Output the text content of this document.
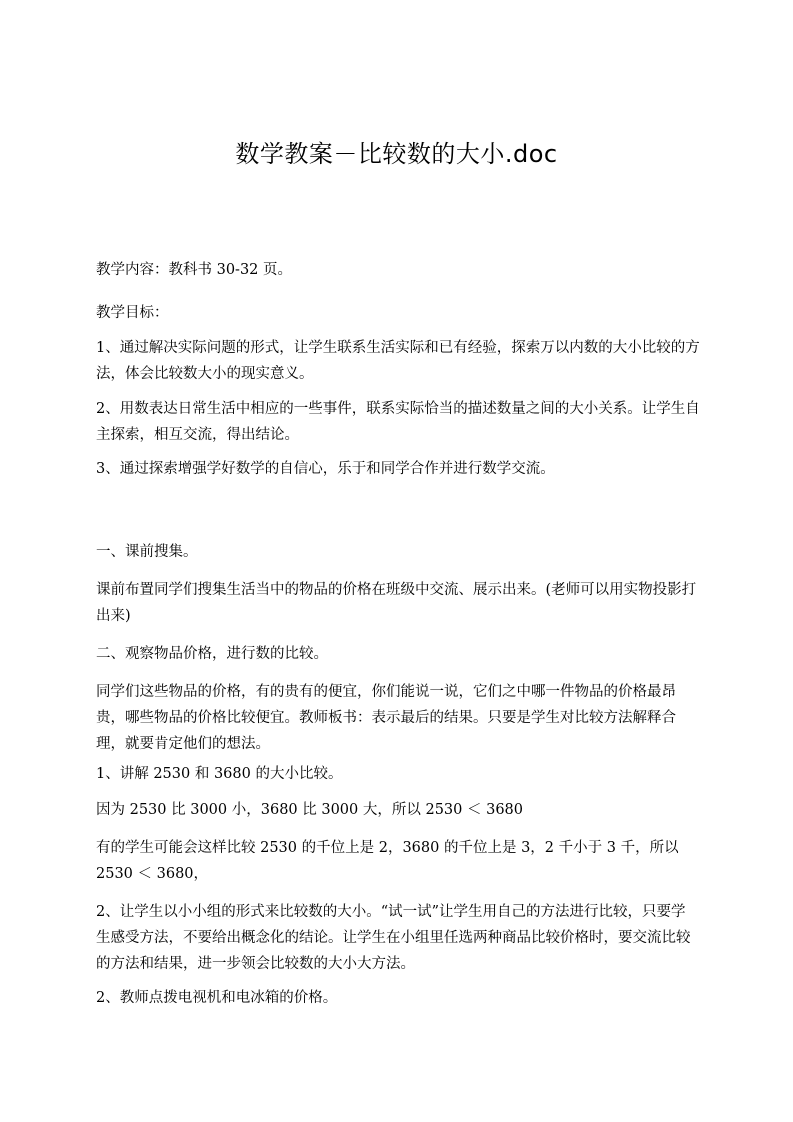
数学教案－比较数的大小.doc

教学内容：教科书 30-32 页。

教学目标：

1、通过解决实际问题的形式，让学生联系生活实际和已有经验，探索万以内数的大小比较的方法，体会比较数大小的现实意义。

2、用数表达日常生活中相应的一些事件，联系实际恰当的描述数量之间的大小关系。让学生自主探索，相互交流，得出结论。

3、通过探索增强学好数学的自信心，乐于和同学合作并进行数学交流。

一、课前搜集。

课前布置同学们搜集生活当中的物品的价格在班级中交流、展示出来。(老师可以用实物投影打出来)

二、观察物品价格，进行数的比较。

同学们这些物品的价格，有的贵有的便宜，你们能说一说，它们之中哪一件物品的价格最昂贵，哪些物品的价格比较便宜。教师板书：表示最后的结果。只要是学生对比较方法解释合理，就要肯定他们的想法。

1、讲解 2530 和 3680 的大小比较。

因为 2530 比 3000 小，3680 比 3000 大，所以 2530 ＜ 3680

有的学生可能会这样比较 2530 的千位上是 2，3680 的千位上是 3，2 千小于 3 千，所以 2530 ＜ 3680，

2、让学生以小小组的形式来比较数的大小。“试一试”让学生用自己的方法进行比较，只要学生感受方法，不要给出概念化的结论。让学生在小组里任选两种商品比较价格时，要交流比较的方法和结果，进一步领会比较数的大小大方法。

2、教师点拨电视机和电冰箱的价格。
